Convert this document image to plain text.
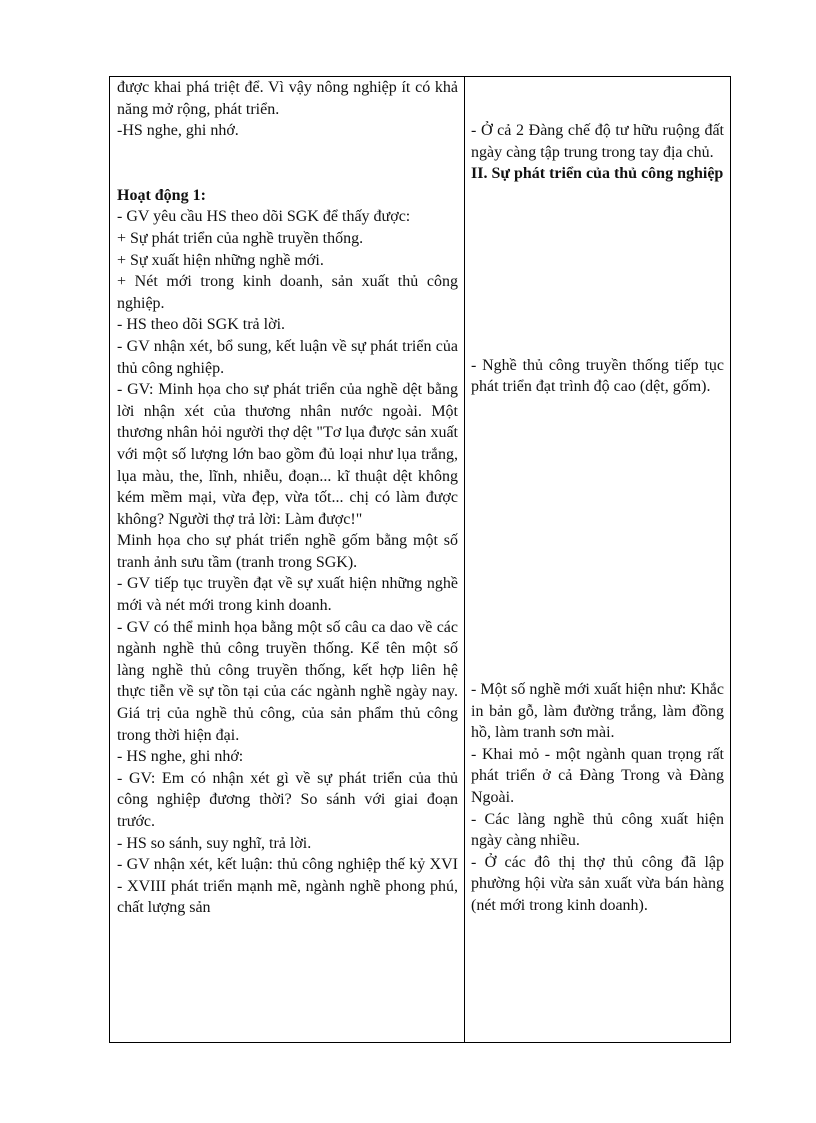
được khai phá triệt để. Vì vậy nông nghiệp ít có khả năng mở rộng, phát triển.

-HS nghe, ghi nhớ.

Hoạt động 1:

- GV yêu cầu HS theo dõi SGK để thấy được:

+ Sự phát triển của nghề truyền thống.

+ Sự xuất hiện những nghề mới.

+ Nét mới trong kinh doanh, sản xuất thủ công nghiệp.

- HS theo dõi SGK trả lời.

- GV nhận xét, bổ sung, kết luận về sự phát triển của thủ công nghiệp.

- GV: Minh họa cho sự phát triển của nghề dệt bằng lời nhận xét của thương nhân nước ngoài. Một thương nhân hỏi người thợ dệt "Tơ lụa được sản xuất với một số lượng lớn bao gồm đủ loại như lụa trắng, lụa màu, the, lĩnh, nhiễu, đoạn... kĩ thuật dệt không kém mềm mại, vừa đẹp, vừa tốt... chị có làm được không? Người thợ trả lời: Làm được!"

Minh họa cho sự phát triển nghề gốm bằng một số tranh ảnh sưu tầm (tranh trong SGK).

- GV tiếp tục truyền đạt về sự xuất hiện những nghề mới và nét mới trong kinh doanh.

- GV có thể minh họa bằng một số câu ca dao về các ngành nghề thủ công truyền thống. Kể tên một số làng nghề thủ công truyền thống, kết hợp liên hệ thực tiễn về sự tồn tại của các ngành nghề ngày nay. Giá trị của nghề thủ công, của sản phẩm thủ công trong thời hiện đại.

- HS nghe, ghi nhớ:

- GV: Em có nhận xét gì về sự phát triển của thủ công nghiệp đương thời? So sánh với giai đoạn trước.

- HS so sánh, suy nghĩ, trả lời.

- GV nhận xét, kết luận: thủ công nghiệp thế kỷ XVI - XVIII phát triển mạnh mẽ, ngành nghề phong phú, chất lượng sản

- Ở cả 2 Đàng chế độ tư hữu ruộng đất ngày càng tập trung trong tay địa chủ.

II. Sự phát triển của thủ công nghiệp

- Nghề thủ công truyền thống tiếp tục phát triển đạt trình độ cao (dệt, gốm).

- Một số nghề mới xuất hiện như: Khắc in bản gỗ, làm đường trắng, làm đồng hồ, làm tranh sơn mài.

- Khai mỏ - một ngành quan trọng rất phát triển ở cả Đàng Trong và Đàng Ngoài.

- Các làng nghề thủ công xuất hiện ngày càng nhiều.

- Ở các đô thị thợ thủ công đã lập phường hội vừa sản xuất vừa bán hàng (nét mới trong kinh doanh).
